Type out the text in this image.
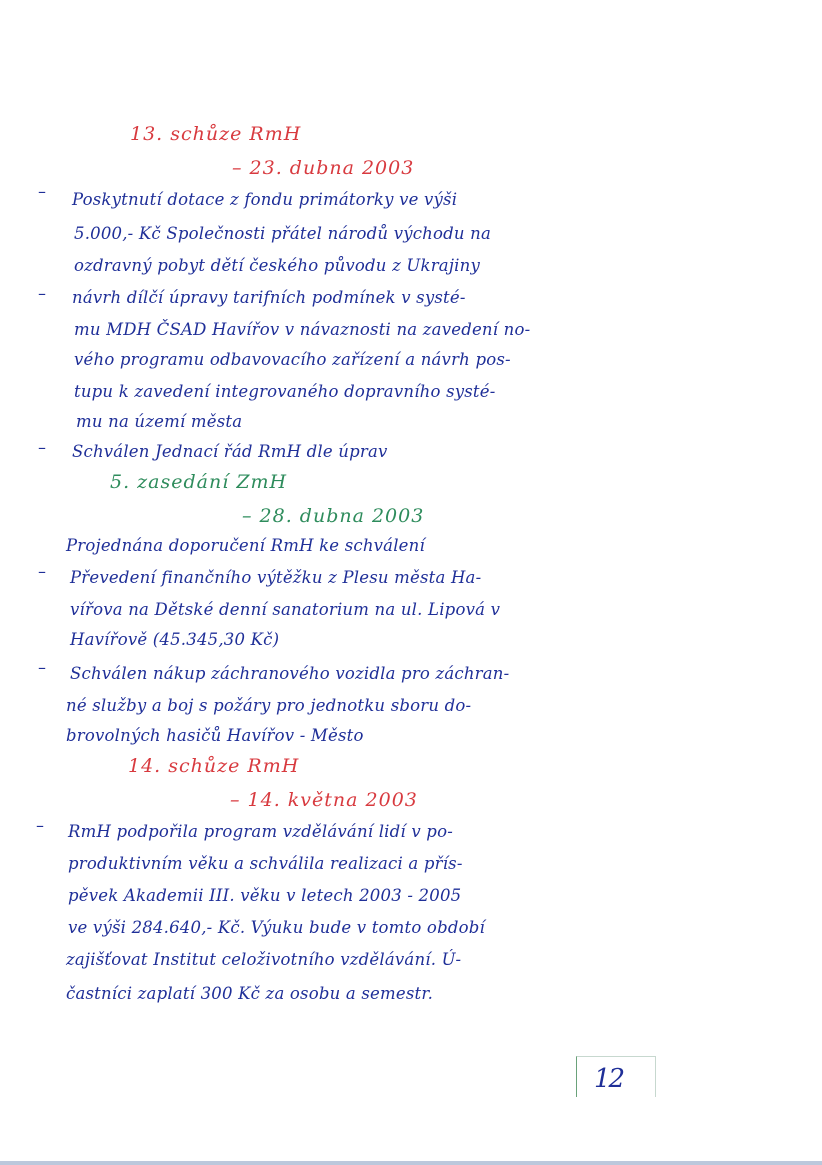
13. schůze RmH
– 23. dubna 2003
– Poskytnutí dotace z fondu primátorky ve výši
5.000,- Kč Společnosti přátel národů východu na
ozdravný pobyt dětí českého původu z Ukrajiny
– návrh dílčí úpravy tarifních podmínek v systé-
mu MDH ČSAD Havířov v návaznosti na zavedení no-
vého programu odbavovacího zařízení a návrh pos-
tupu k zavedení integrovaného dopravního systé-
mu na území města
– Schválen Jednací řád RmH dle úprav
5. zasedání ZmH
– 28. dubna 2003
Projednána doporučení RmH ke schválení
– Převedení finančního výtěžku z Plesu města Ha-
vířova na Dětské denní sanatorium na ul. Lipová v
Havířově (45.345,30 Kč)
– Schválen nákup záchranového vozidla pro záchran-
né služby a boj s požáry pro jednotku sboru do-
brovolných hasičů Havířov - Město
14. schůze RmH
– 14. května 2003
– RmH podpořila program vzdělávání lidí v po-
produktivním věku a schválila realizaci a přís-
pěvek Akademii III. věku v letech 2003 - 2005
ve výši 284.640,- Kč. Výuku bude v tomto období
zajišťovat Institut celoživotního vzdělávání. Ú-
častníci zaplatí 300 Kč za osobu a semestr.
12
